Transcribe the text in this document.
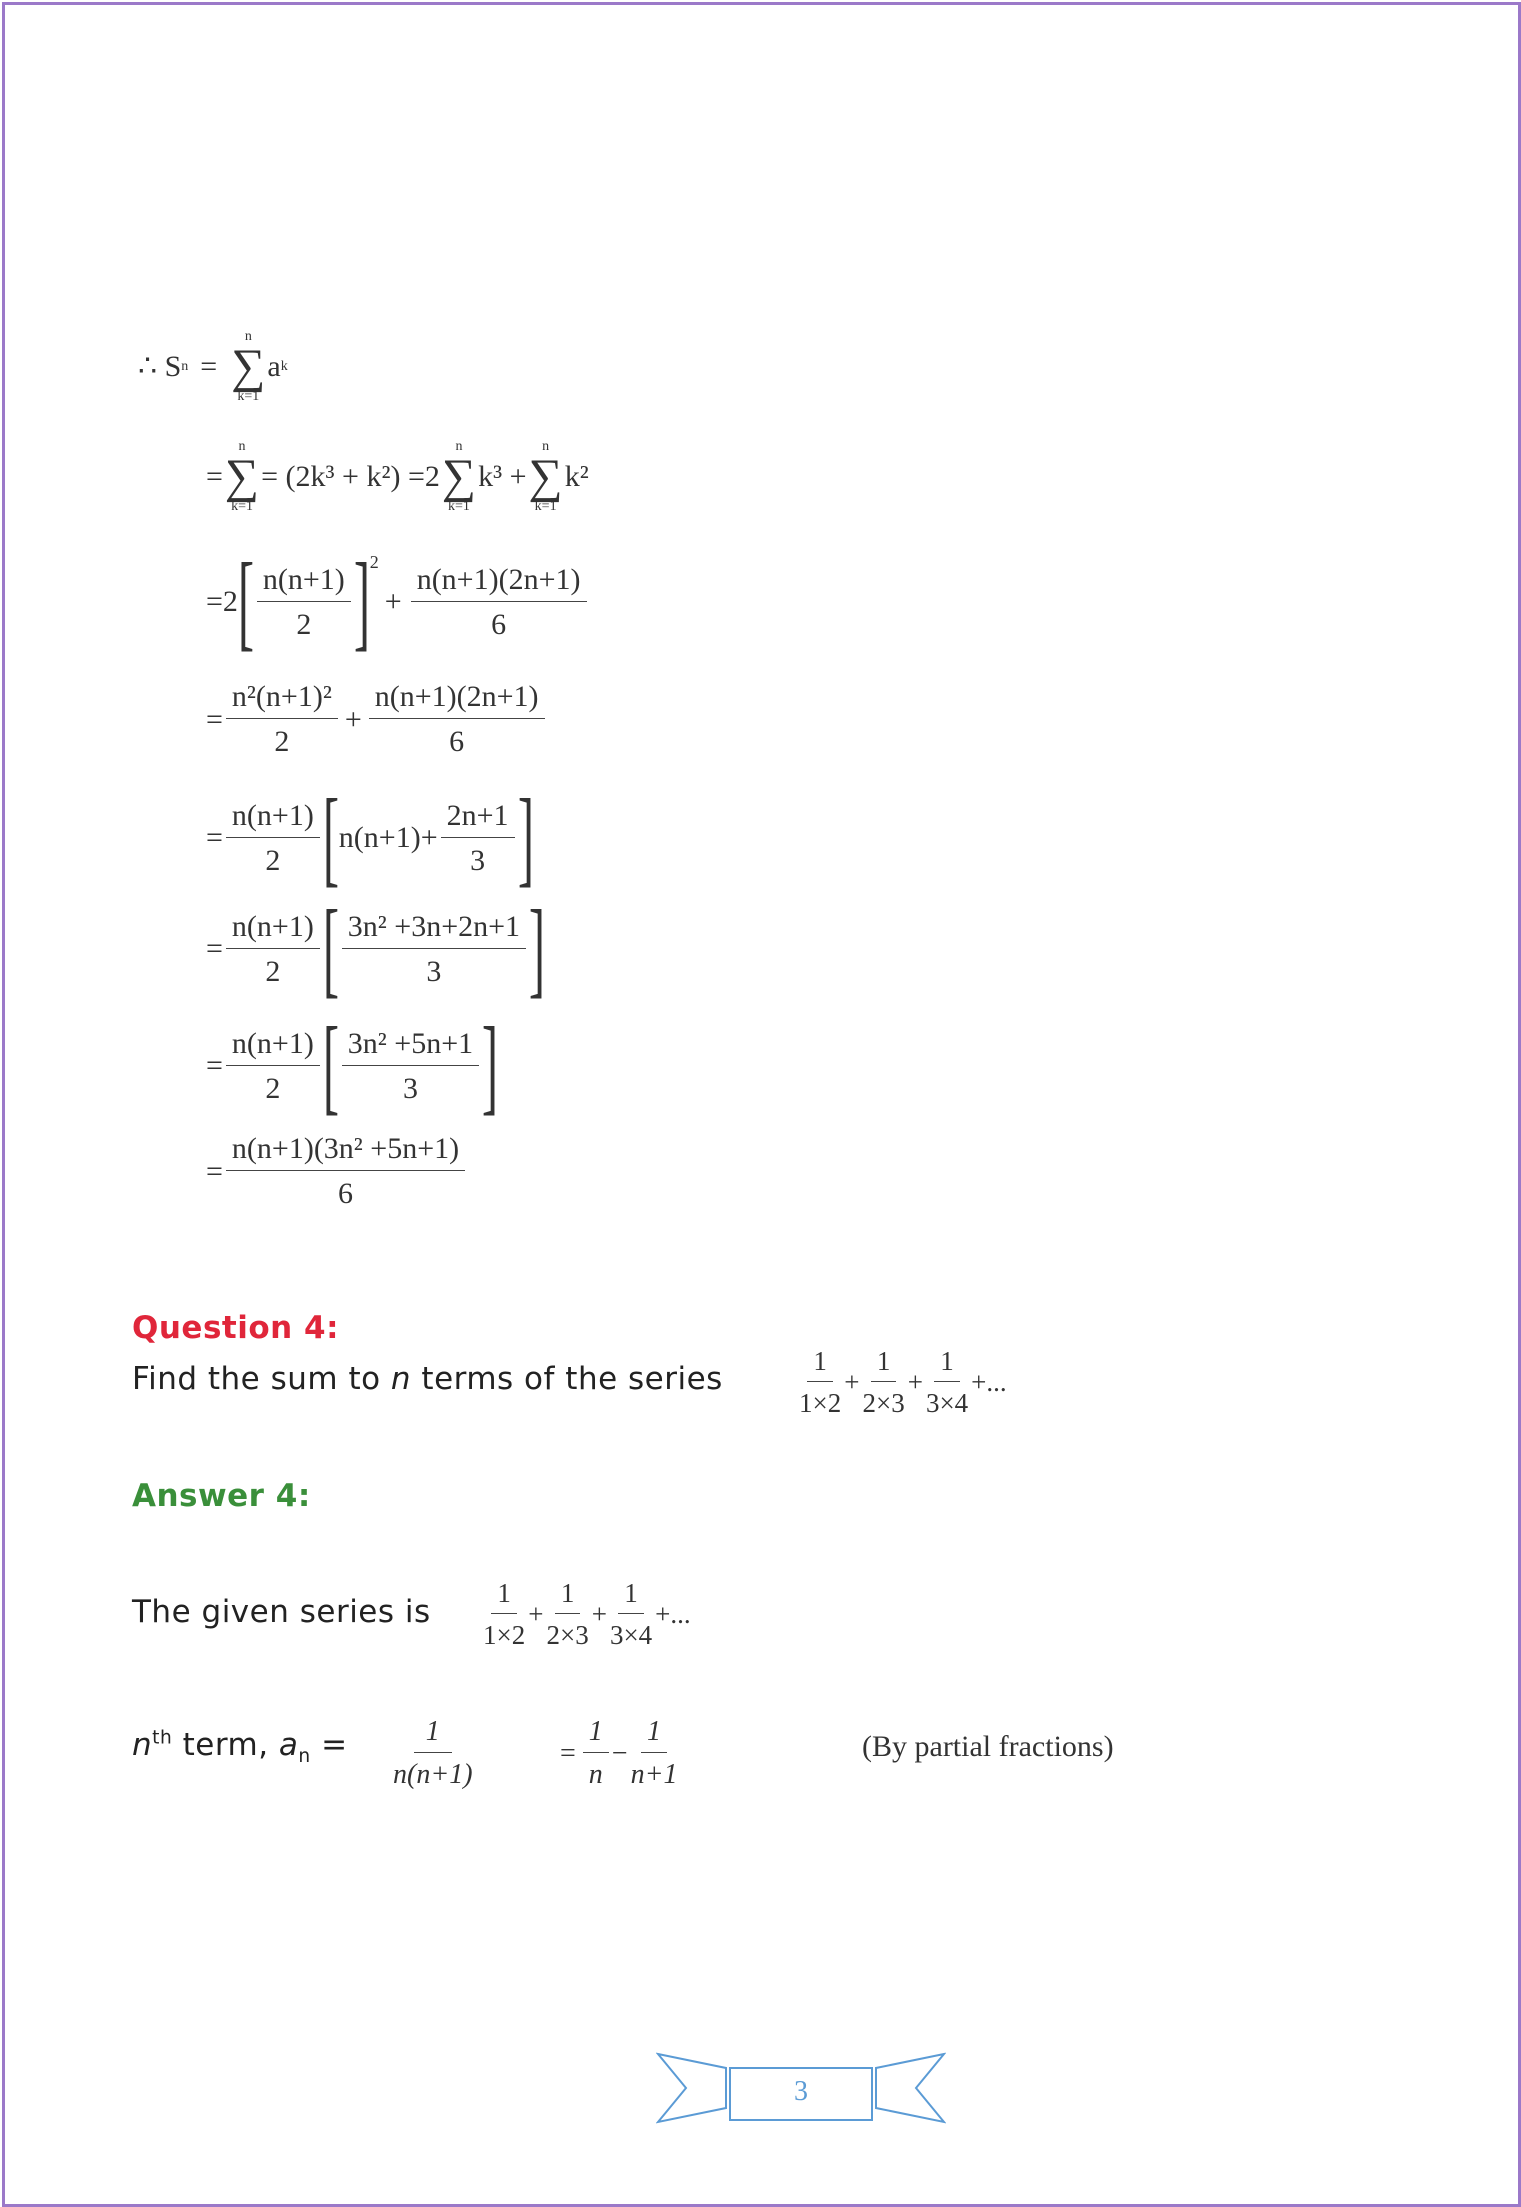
∴ S n =
n
∑
k=1
a k
=
n
∑
k=1
= (2k³ + k²) =2
n
∑
k=1
k³ +
n
∑
k=1
k²
=2 [ $\frac{n(n+1)}{2} ]^2$
+ $\frac{n(n+1)(2n+1)}{6}$
= $\frac{\text{n²(n+1)²}}{2} + \frac{n(n+1)(2n+1)}{6}$
= $\frac{n(n+1)}{2}$ [ $n(n+1)+ \frac{2n+1}{3}$ ]
= $\frac{n(n+1)}{2}$ [ $\frac{\text{3n² +3n+2n+1}}{3}$ ]
= $\frac{n(n+1)}{2}$ [ $\frac{\text{3n² +5n+1}}{3}$ ]
= $\frac{\text{n(n+1)(3n² +5n+1)}}{6}$
Question 4:
Find the sum to n terms of the series	$\frac{1}{1\times 2} + \frac{1}{2\times 3} + \frac{1}{3\times 4}$ +...
Answer 4:
The given series is $\frac{1}{1\times 2} + \frac{1}{2\times 3} + \frac{1}{3\times 4}$ +...
$n^{th}$ term, $a_n = \frac{1}{n(n+1)}$	= $\frac{1}{n} - \frac{1}{n+1}$	(By partial fractions)
3
